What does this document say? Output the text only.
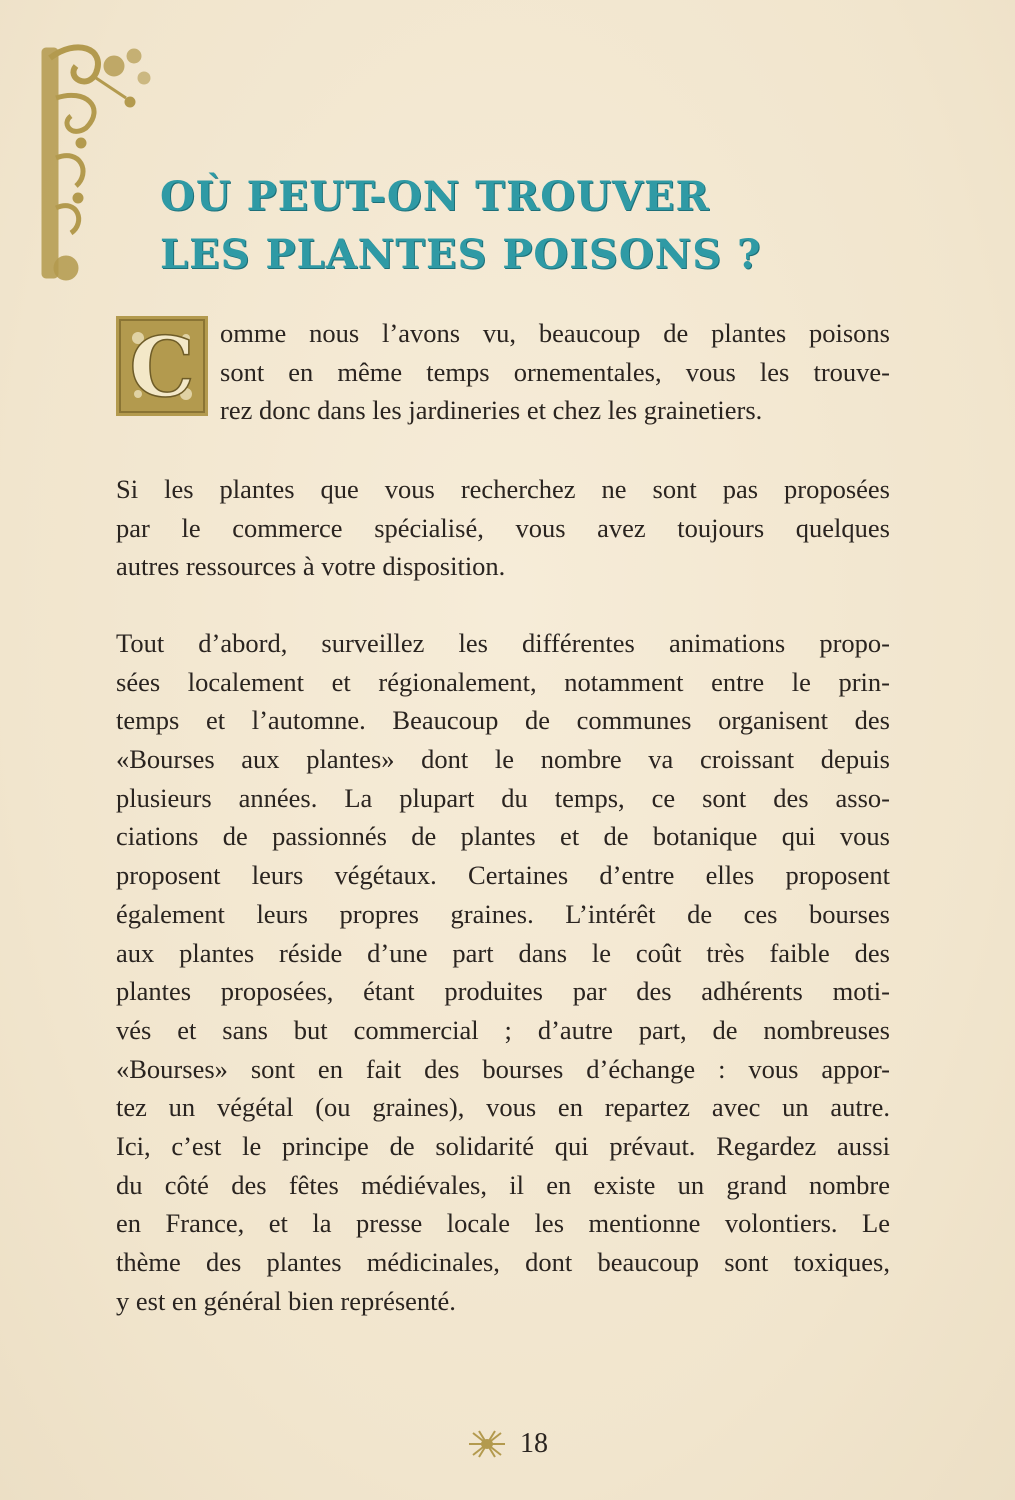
OÙ PEUT-ON TROUVER
LES PLANTES POISONS ?
C omme nous l’avons vu, beaucoup de plantes poisons
sont en même temps ornementales, vous les trouve-
rez donc dans les jardineries et chez les grainetiers.
Si les plantes que vous recherchez ne sont pas proposées
par le commerce spécialisé, vous avez toujours quelques
autres ressources à votre disposition.
Tout d’abord, surveillez les différentes animations propo-
sées localement et régionalement, notamment entre le prin-
temps et l’automne. Beaucoup de communes organisent des
«Bourses aux plantes» dont le nombre va croissant depuis
plusieurs années. La plupart du temps, ce sont des asso-
ciations de passionnés de plantes et de botanique qui vous
proposent leurs végétaux. Certaines d’entre elles proposent
également leurs propres graines. L’intérêt de ces bourses
aux plantes réside d’une part dans le coût très faible des
plantes proposées, étant produites par des adhérents moti-
vés et sans but commercial ; d’autre part, de nombreuses
«Bourses» sont en fait des bourses d’échange : vous appor-
tez un végétal (ou graines), vous en repartez avec un autre.
Ici, c’est le principe de solidarité qui prévaut. Regardez aussi
du côté des fêtes médiévales, il en existe un grand nombre
en France, et la presse locale les mentionne volontiers. Le
thème des plantes médicinales, dont beaucoup sont toxiques,
y est en général bien représenté.
18
